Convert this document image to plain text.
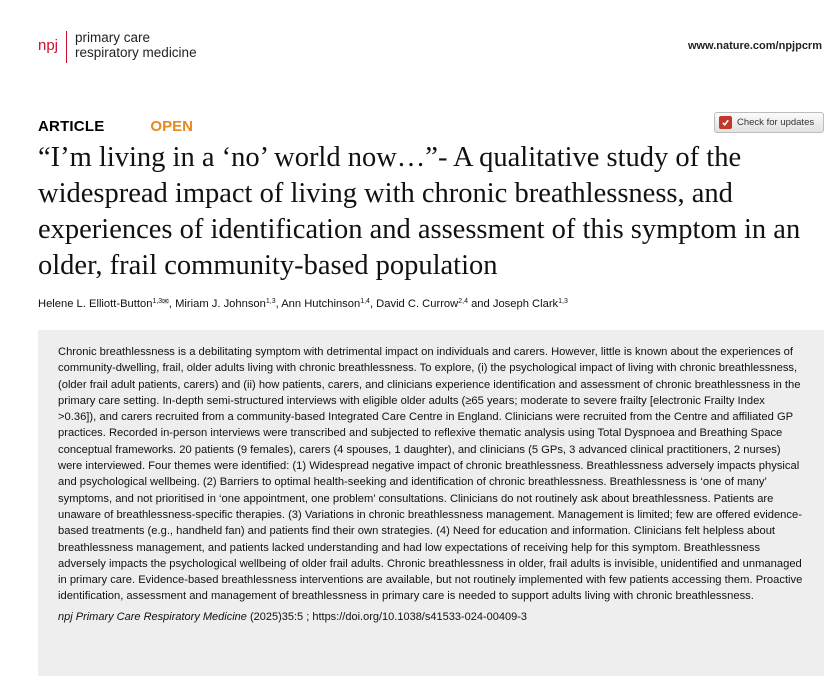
npj primary care
respiratory medicine	www.nature.com/npjpcrm
ARTICLE	OPEN	Check for updates
“I’m living in a ‘no’ world now…”- A qualitative study of the widespread impact of living with chronic breathlessness, and experiences of identification and assessment of this symptom in an older, frail community-based population
Helene L. Elliott-Button$^{1,3✉}$, Miriam J. Johnson$^{1,3}$, Ann Hutchinson$^{1,4}$, David C. Currow$^{2,4}$ and Joseph Clark$^{1,3}$

Chronic breathlessness is a debilitating symptom with detrimental impact on individuals and carers. However, little is known about the experiences of community-dwelling, frail, older adults living with chronic breathlessness. To explore, (i) the psychological impact of living with chronic breathlessness, (older frail adult patients, carers) and (ii) how patients, carers, and clinicians experience identification and assessment of chronic breathlessness in the primary care setting. In-depth semi-structured interviews with eligible older adults (≥65 years; moderate to severe frailty [electronic Frailty Index >0.36]), and carers recruited from a community-based Integrated Care Centre in England. Clinicians were recruited from the Centre and affiliated GP practices. Recorded in-person interviews were transcribed and subjected to reflexive thematic analysis using Total Dyspnoea and Breathing Space conceptual frameworks. 20 patients (9 females), carers (4 spouses, 1 daughter), and clinicians (5 GPs, 3 advanced clinical practitioners, 2 nurses) were interviewed. Four themes were identified: (1) Widespread negative impact of chronic breathlessness. Breathlessness adversely impacts physical and psychological wellbeing. (2) Barriers to optimal health-seeking and identification of chronic breathlessness. Breathlessness is ‘one of many’ symptoms, and not prioritised in ‘one appointment, one problem’ consultations. Clinicians do not routinely ask about breathlessness. Patients are unaware of breathlessness-specific therapies. (3) Variations in chronic breathlessness management. Management is limited; few are offered evidence-based treatments (e.g., handheld fan) and patients find their own strategies. (4) Need for education and information. Clinicians felt helpless about breathlessness management, and patients lacked understanding and had low expectations of receiving help for this symptom. Breathlessness adversely impacts the psychological wellbeing of older frail adults. Chronic breathlessness in older, frail adults is invisible, unidentified and unmanaged in primary care. Evidence-based breathlessness interventions are available, but not routinely implemented with few patients accessing them. Proactive identification, assessment and management of breathlessness in primary care is needed to support adults living with chronic breathlessness.

npj Primary Care Respiratory Medicine (2025)35:5 ; https://doi.org/10.1038/s41533-024-00409-3
